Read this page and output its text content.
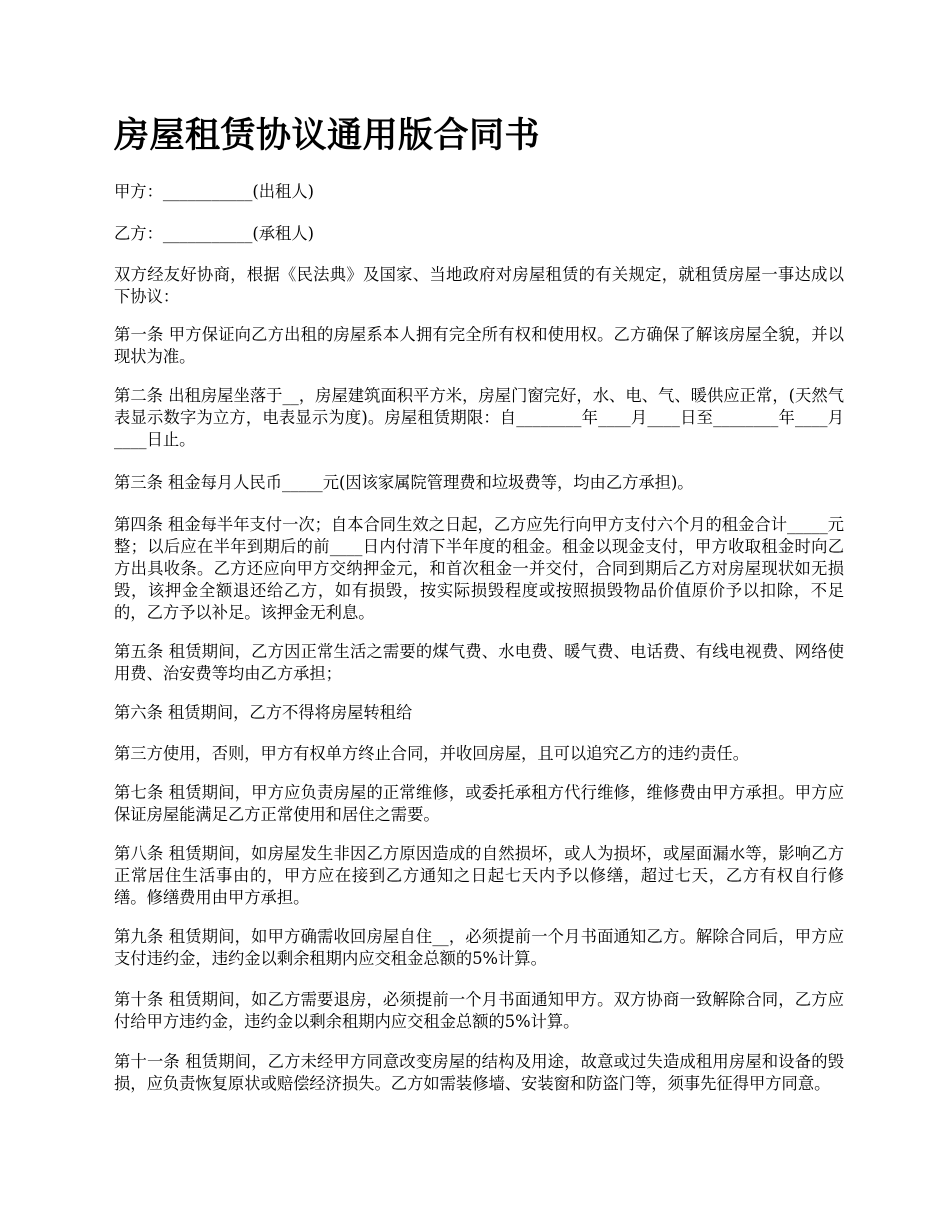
房屋租赁协议通用版合同书

甲方：___________(出租人)

乙方：___________(承租人)

双方经友好协商，根据《民法典》及国家、当地政府对房屋租赁的有关规定，就租赁房屋一事达成以下协议：

第一条 甲方保证向乙方出租的房屋系本人拥有完全所有权和使用权。乙方确保了解该房屋全貌，并以现状为准。

第二条 出租房屋坐落于__，房屋建筑面积平方米，房屋门窗完好，水、电、气、暖供应正常，(天然气表显示数字为立方，电表显示为度)。房屋租赁期限：自________年____月____日至________年____月____日止。

第三条 租金每月人民币_____元(因该家属院管理费和垃圾费等，均由乙方承担)。

第四条 租金每半年支付一次；自本合同生效之日起，乙方应先行向甲方支付六个月的租金合计_____元整；以后应在半年到期后的前____日内付清下半年度的租金。租金以现金支付，甲方收取租金时向乙方出具收条。乙方还应向甲方交纳押金元，和首次租金一并交付，合同到期后乙方对房屋现状如无损毁，该押金全额退还给乙方，如有损毁，按实际损毁程度或按照损毁物品价值原价予以扣除，不足的，乙方予以补足。该押金无利息。

第五条 租赁期间，乙方因正常生活之需要的煤气费、水电费、暖气费、电话费、有线电视费、网络使用费、治安费等均由乙方承担；

第六条 租赁期间，乙方不得将房屋转租给

第三方使用，否则，甲方有权单方终止合同，并收回房屋，且可以追究乙方的违约责任。

第七条 租赁期间，甲方应负责房屋的正常维修，或委托承租方代行维修，维修费由甲方承担。甲方应保证房屋能满足乙方正常使用和居住之需要。

第八条 租赁期间，如房屋发生非因乙方原因造成的自然损坏，或人为损坏，或屋面漏水等，影响乙方正常居住生活事由的，甲方应在接到乙方通知之日起七天内予以修缮，超过七天，乙方有权自行修缮。修缮费用由甲方承担。

第九条 租赁期间，如甲方确需收回房屋自住__，必须提前一个月书面通知乙方。解除合同后，甲方应支付违约金，违约金以剩余租期内应交租金总额的5%计算。

第十条 租赁期间，如乙方需要退房，必须提前一个月书面通知甲方。双方协商一致解除合同，乙方应付给甲方违约金，违约金以剩余租期内应交租金总额的5%计算。

第十一条 租赁期间，乙方未经甲方同意改变房屋的结构及用途，故意或过失造成租用房屋和设备的毁损，应负责恢复原状或赔偿经济损失。乙方如需装修墙、安装窗和防盗门等，须事先征得甲方同意。
